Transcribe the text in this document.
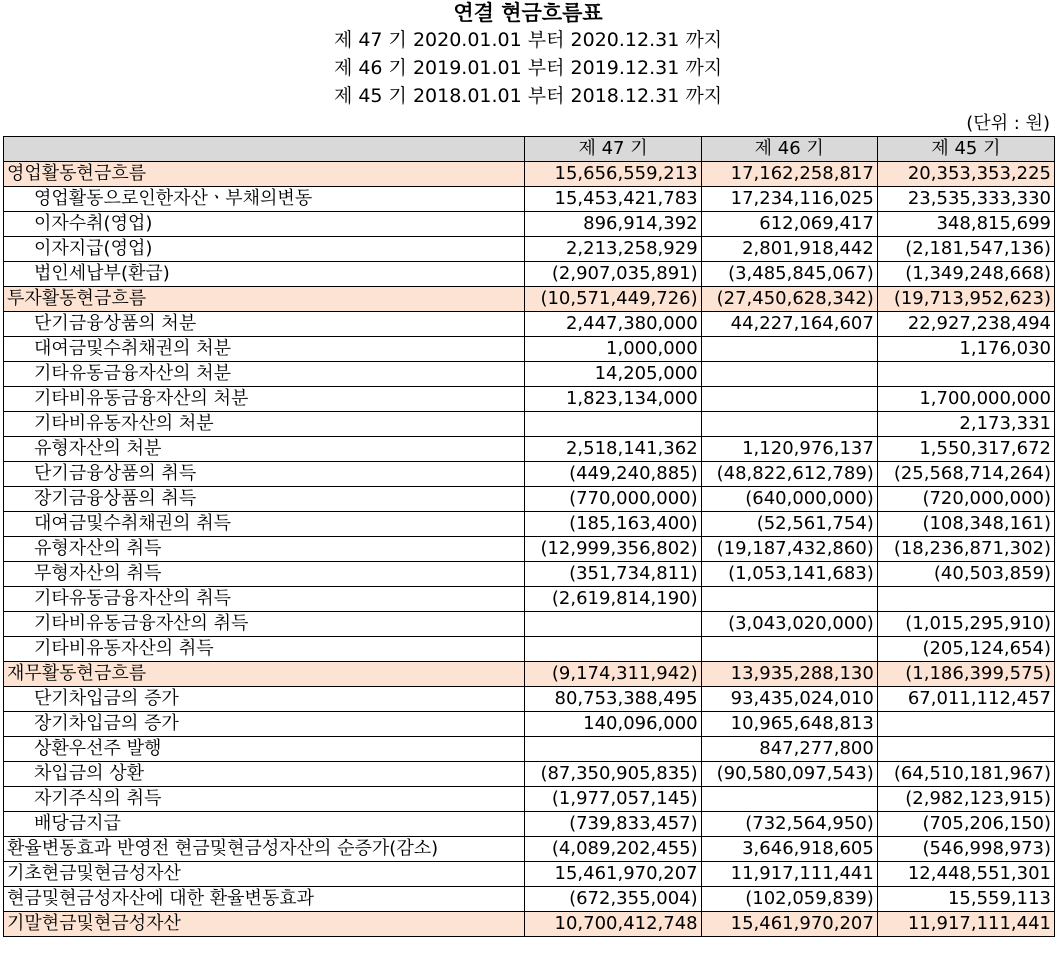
연결 현금흐름표
제 47 기 2020.01.01 부터 2020.12.31 까지
제 46 기 2019.01.01 부터 2019.12.31 까지
제 45 기 2018.01.01 부터 2018.12.31 까지
(단위 : 원)
	제 47 기	제 46 기	제 45 기
영업활동현금흐름	15,656,559,213	17,162,258,817	20,353,353,225
영업활동으로인한자산ㆍ부채의변동	15,453,421,783	17,234,116,025	23,535,333,330
이자수취(영업)	896,914,392	612,069,417	348,815,699
이자지급(영업)	2,213,258,929	2,801,918,442	(2,181,547,136)
법인세납부(환급)	(2,907,035,891)	(3,485,845,067)	(1,349,248,668)
투자활동현금흐름	(10,571,449,726)	(27,450,628,342)	(19,713,952,623)
단기금융상품의 처분	2,447,380,000	44,227,164,607	22,927,238,494
대여금및수취채권의 처분	1,000,000		1,176,030
기타유동금융자산의 처분	14,205,000		
기타비유동금융자산의 처분	1,823,134,000		1,700,000,000
기타비유동자산의 처분			2,173,331
유형자산의 처분	2,518,141,362	1,120,976,137	1,550,317,672
단기금융상품의 취득	(449,240,885)	(48,822,612,789)	(25,568,714,264)
장기금융상품의 취득	(770,000,000)	(640,000,000)	(720,000,000)
대여금및수취채권의 취득	(185,163,400)	(52,561,754)	(108,348,161)
유형자산의 취득	(12,999,356,802)	(19,187,432,860)	(18,236,871,302)
무형자산의 취득	(351,734,811)	(1,053,141,683)	(40,503,859)
기타유동금융자산의 취득	(2,619,814,190)		
기타비유동금융자산의 취득		(3,043,020,000)	(1,015,295,910)
기타비유동자산의 취득			(205,124,654)
재무활동현금흐름	(9,174,311,942)	13,935,288,130	(1,186,399,575)
단기차입금의 증가	80,753,388,495	93,435,024,010	67,011,112,457
장기차입금의 증가	140,096,000	10,965,648,813	
상환우선주 발행		847,277,800	
차입금의 상환	(87,350,905,835)	(90,580,097,543)	(64,510,181,967)
자기주식의 취득	(1,977,057,145)		(2,982,123,915)
배당금지급	(739,833,457)	(732,564,950)	(705,206,150)
환율변동효과 반영전 현금및현금성자산의 순증가(감소)	(4,089,202,455)	3,646,918,605	(546,998,973)
기초현금및현금성자산	15,461,970,207	11,917,111,441	12,448,551,301
현금및현금성자산에 대한 환율변동효과	(672,355,004)	(102,059,839)	15,559,113
기말현금및현금성자산	10,700,412,748	15,461,970,207	11,917,111,441
